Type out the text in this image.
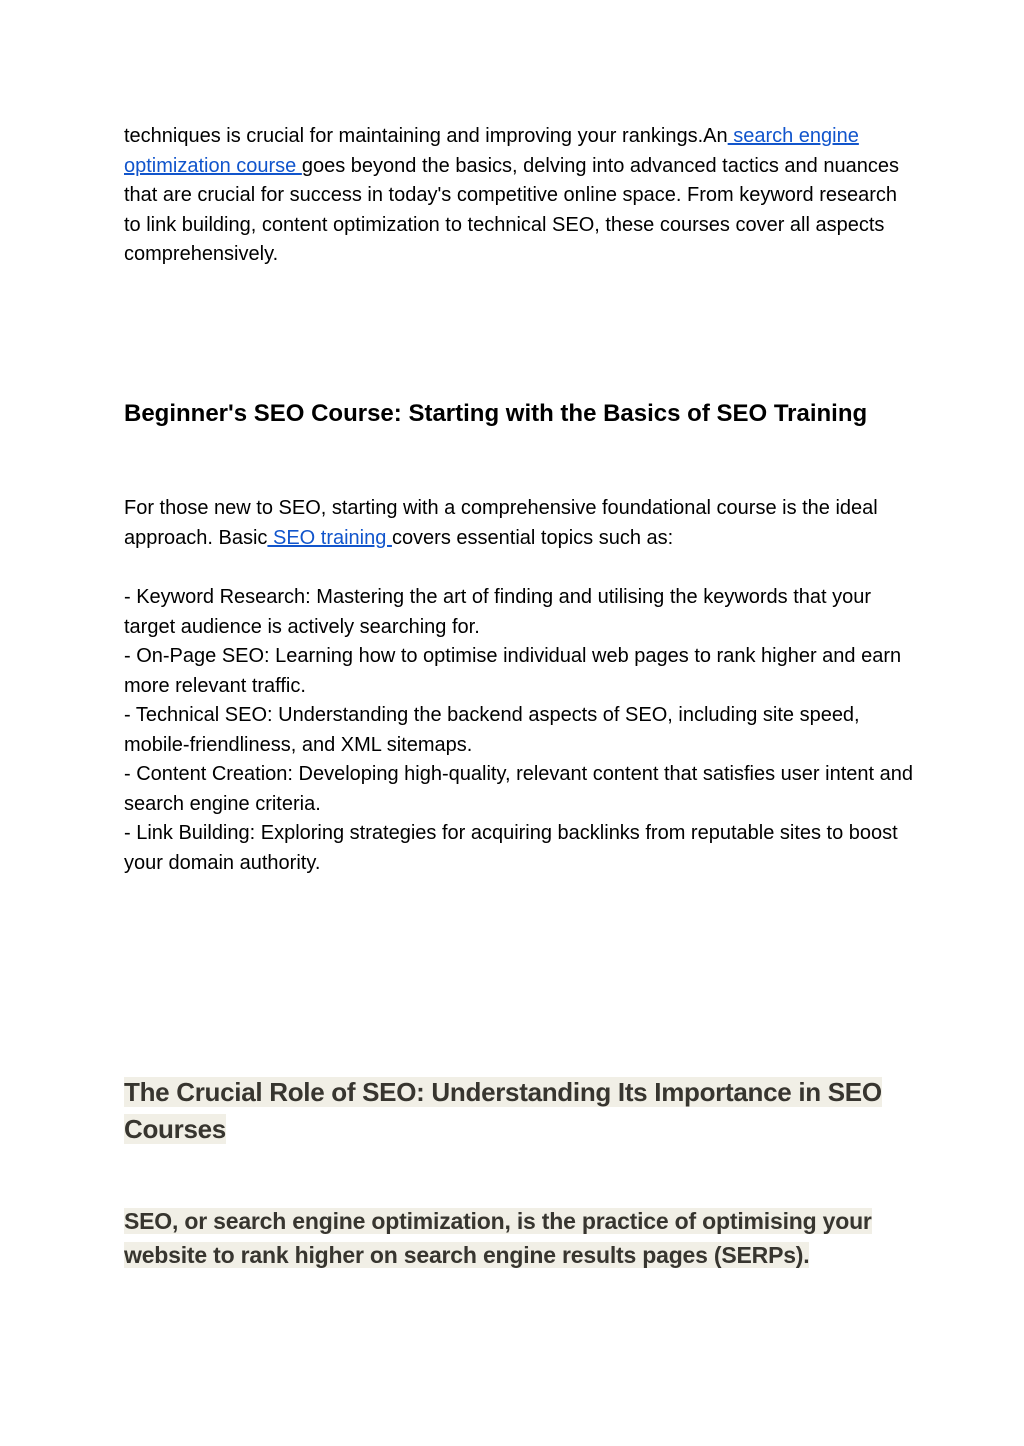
techniques is crucial for maintaining and improving your rankings.An search engine optimization course goes beyond the basics, delving into advanced tactics and nuances that are crucial for success in today's competitive online space. From keyword research to link building, content optimization to technical SEO, these courses cover all aspects comprehensively.

Beginner's SEO Course: Starting with the Basics of SEO Training

For those new to SEO, starting with a comprehensive foundational course is the ideal approach. Basic SEO training covers essential topics such as:

- Keyword Research: Mastering the art of finding and utilising the keywords that your target audience is actively searching for.
- On-Page SEO: Learning how to optimise individual web pages to rank higher and earn more relevant traffic.
- Technical SEO: Understanding the backend aspects of SEO, including site speed, mobile-friendliness, and XML sitemaps.
- Content Creation: Developing high-quality, relevant content that satisfies user intent and search engine criteria.
- Link Building: Exploring strategies for acquiring backlinks from reputable sites to boost your domain authority.

The Crucial Role of SEO: Understanding Its Importance in SEO Courses

SEO, or search engine optimization, is the practice of optimising your website to rank higher on search engine results pages (SERPs).
